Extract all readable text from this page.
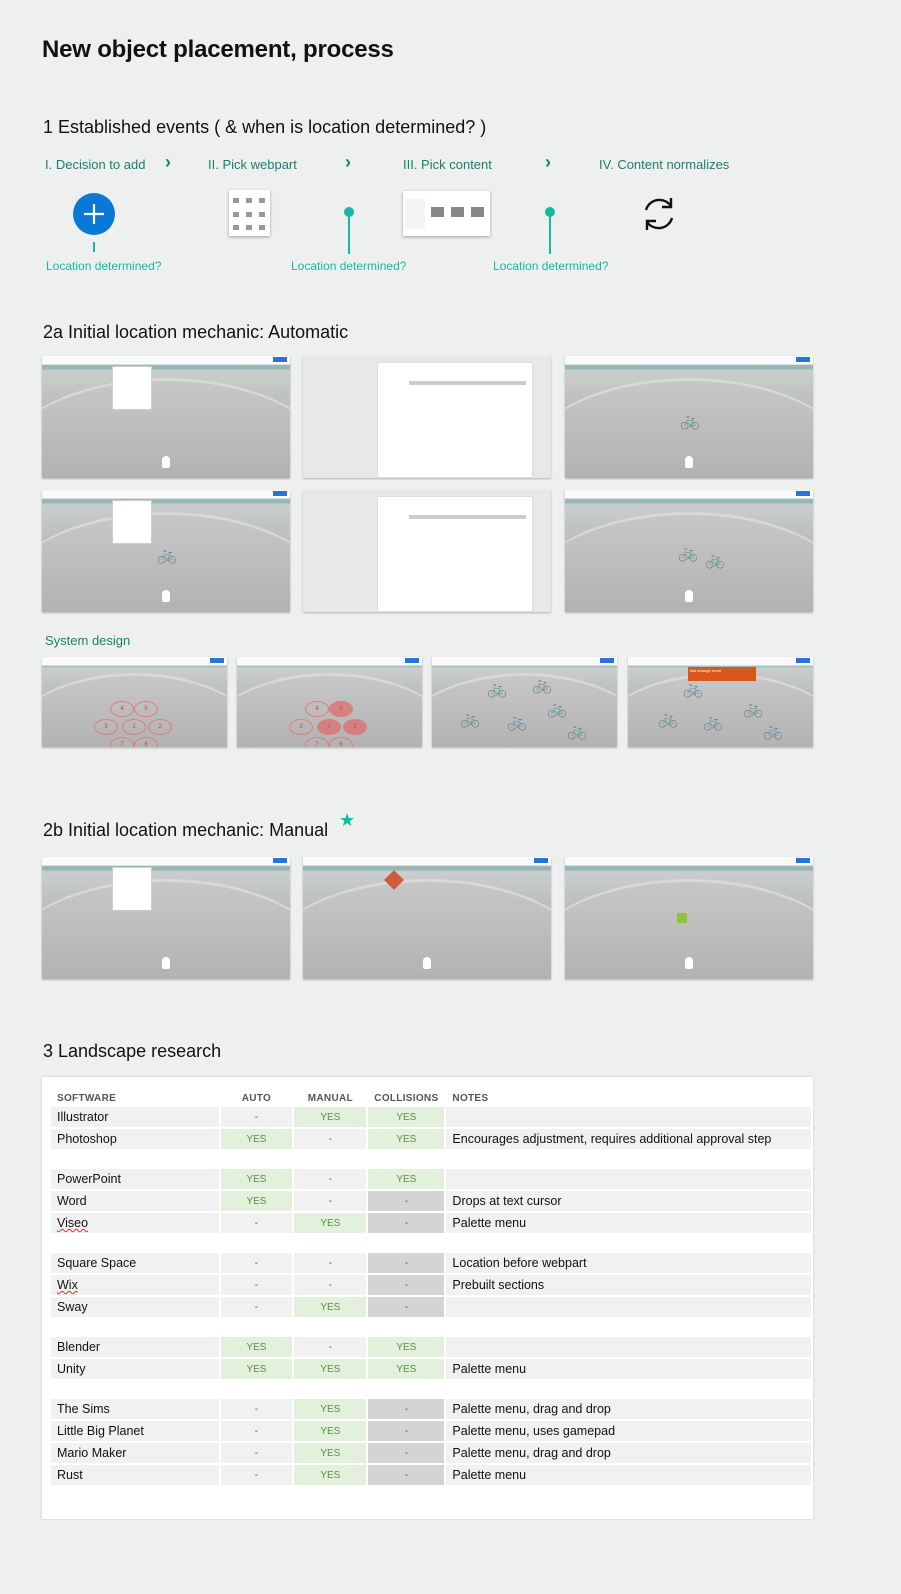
New object placement, process
1 Established events ( & when is location determined? )
I. Decision to add ›	II. Pick webpart	›	III. Pick content	›	IV. Content normalizes
Location determined?	Location determined?	Location determined?
2a Initial location mechanic: Automatic
🚲
🚲	🚲 🚲
System design
4	5
3	1	2
7	6
4	5
3	1	2
7	6
🚲 🚲
🚲 🚲
🚲
🚲
Not enough room
🚲
🚲 🚲
🚲
🚲
2b Initial location mechanic: Manual ★
3 Landscape research
SOFTWARE	AUTO	MANUAL	COLLISIONS	NOTES
Illustrator	-	YES	YES	
Photoshop	YES	-	YES	Encourages adjustment, requires additional approval step

PowerPoint	YES	-	YES	
Word	YES	-	-	Drops at text cursor
Viseo	-	YES	-	Palette menu

Square Space	-	-	-	Location before webpart
Wix	-	-	-	Prebuilt sections
Sway	-	YES	-	

Blender	YES	-	YES	
Unity	YES	YES	YES	Palette menu

The Sims	-	YES	-	Palette menu, drag and drop
Little Big Planet	-	YES	-	Palette menu, uses gamepad
Mario Maker	-	YES	-	Palette menu, drag and drop
Rust	-	YES	-	Palette menu
